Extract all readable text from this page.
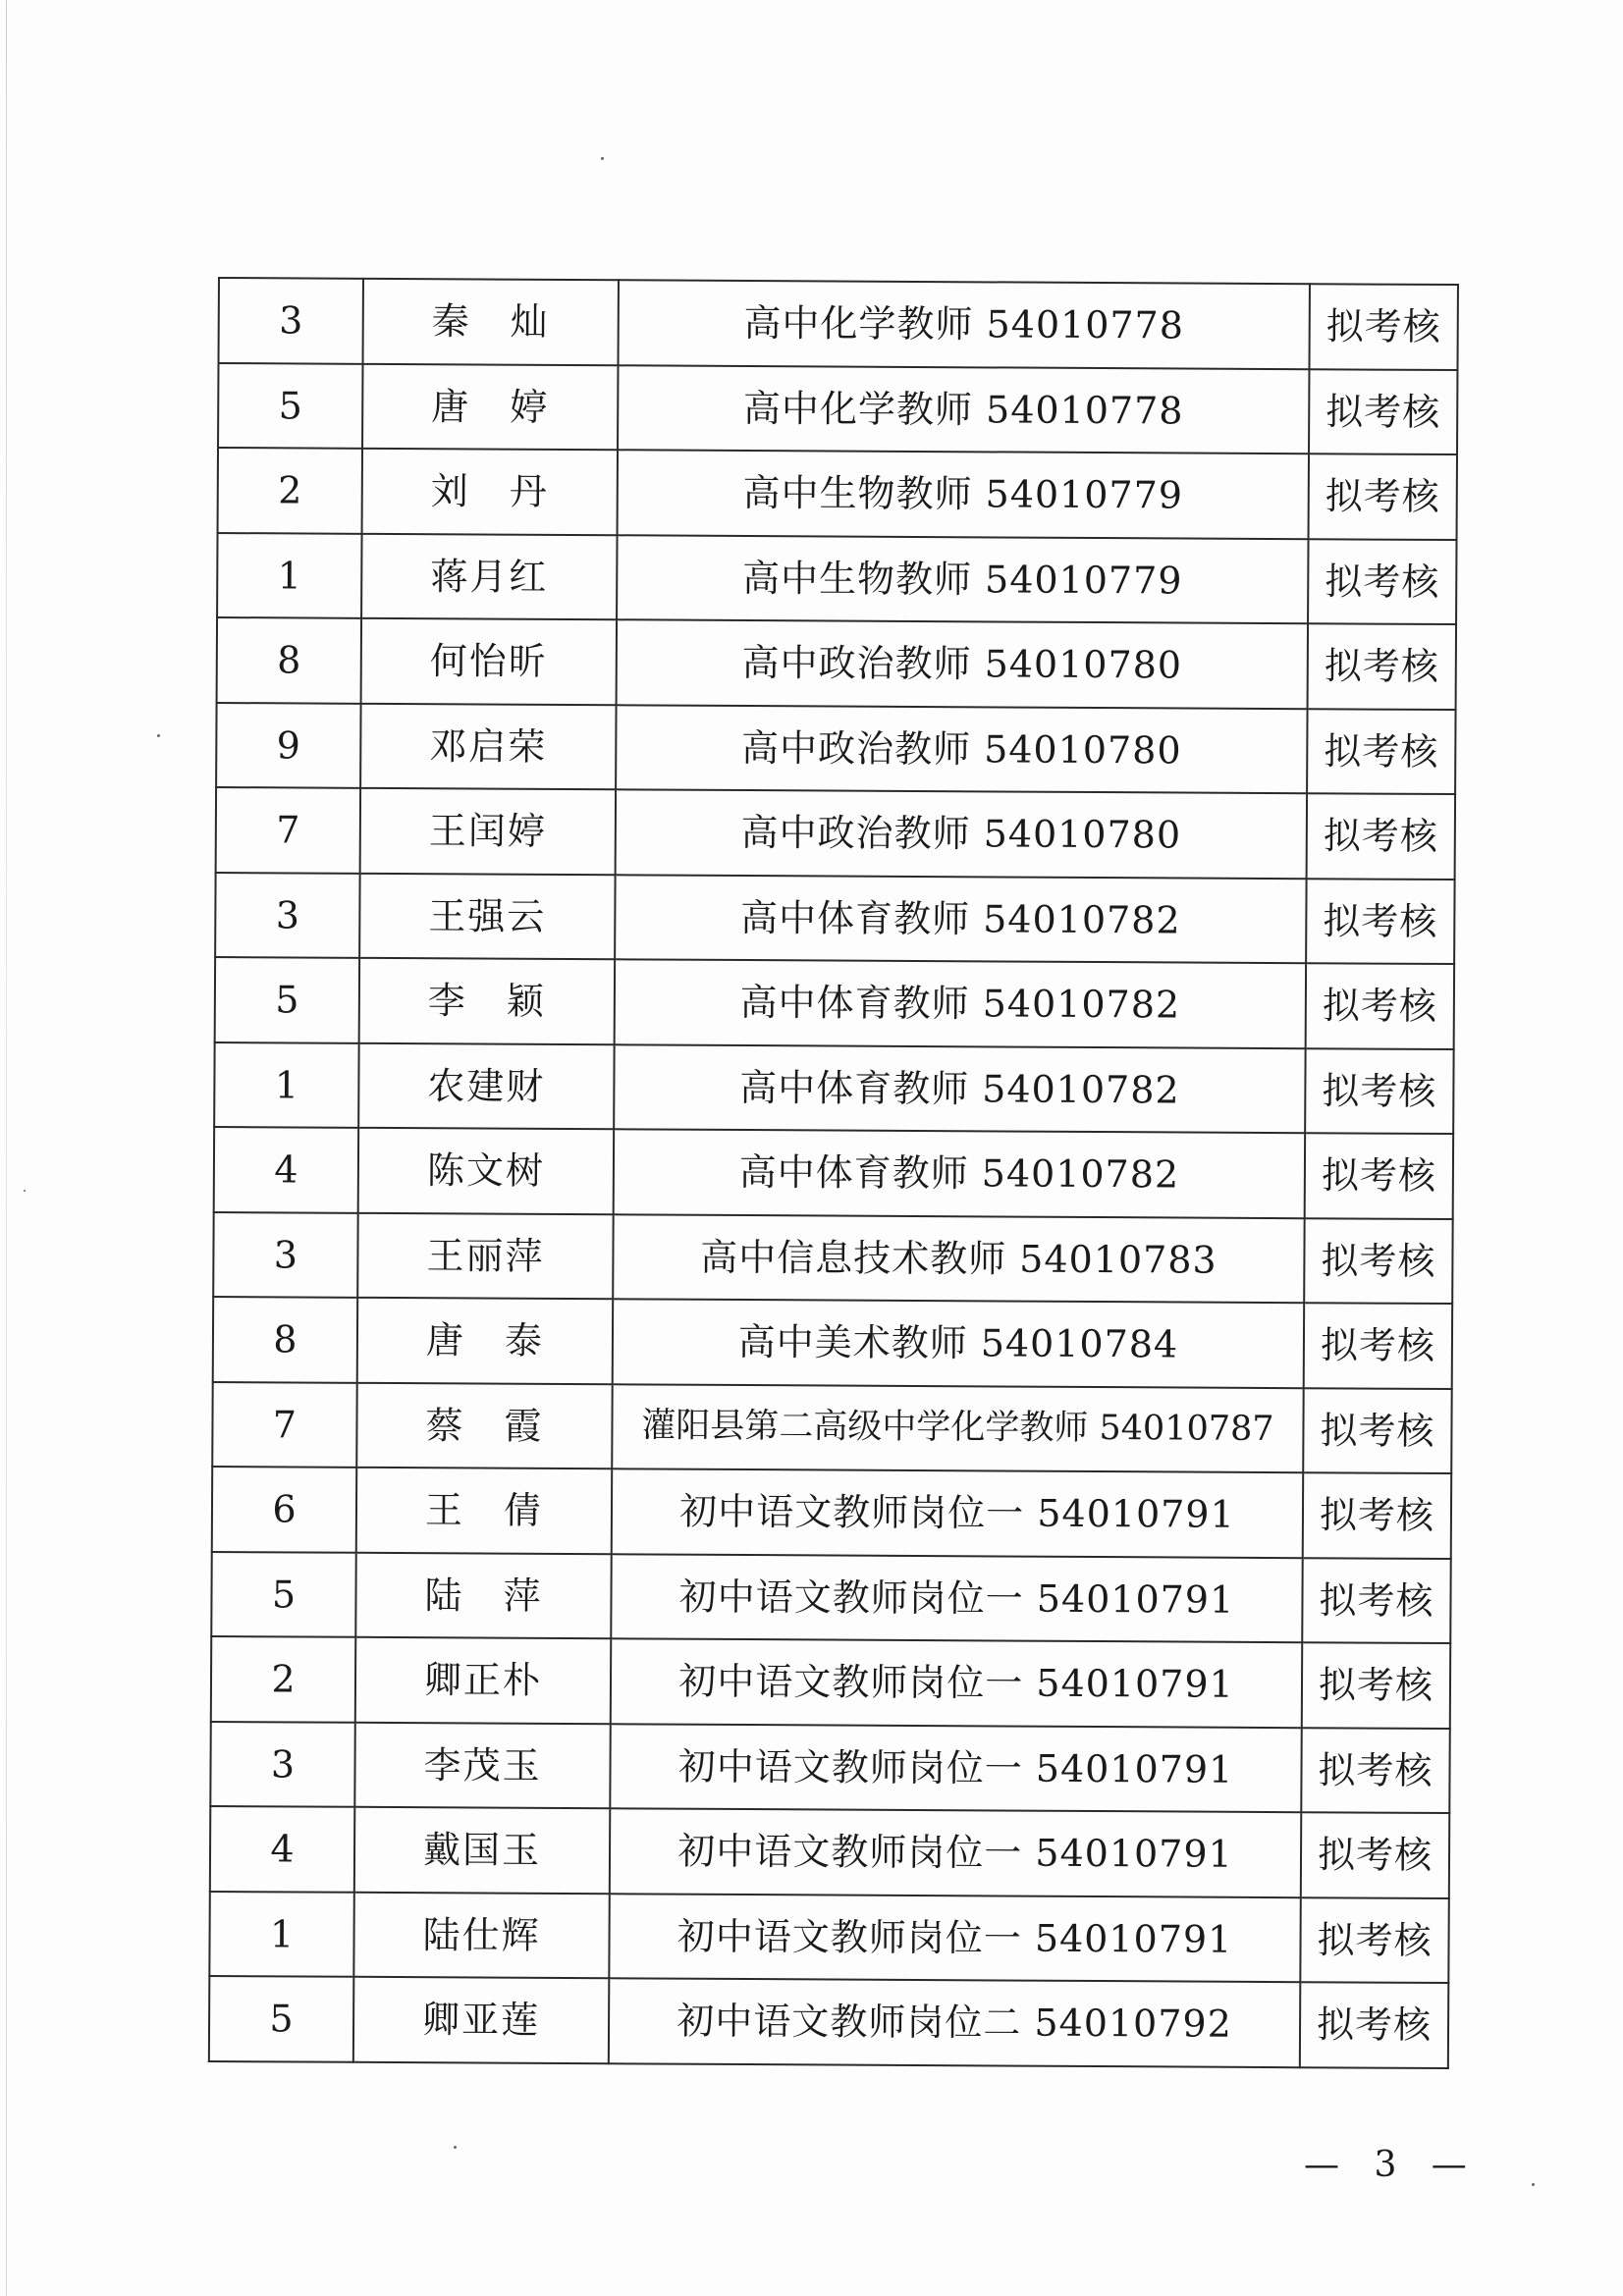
3	秦　灿	高中化学教师 54010778	拟考核
5	唐　婷	高中化学教师 54010778	拟考核
2	刘　丹	高中生物教师 54010779	拟考核
1	蒋月红	高中生物教师 54010779	拟考核
8	何怡昕	高中政治教师 54010780	拟考核
9	邓启荣	高中政治教师 54010780	拟考核
7	王闰婷	高中政治教师 54010780	拟考核
3	王强云	高中体育教师 54010782	拟考核
5	李　颖	高中体育教师 54010782	拟考核
1	农建财	高中体育教师 54010782	拟考核
4	陈文树	高中体育教师 54010782	拟考核
3	王丽萍	高中信息技术教师 54010783	拟考核
8	唐　泰	高中美术教师 54010784	拟考核
7	蔡　霞	灌阳县第二高级中学化学教师 54010787	拟考核
6	王　倩	初中语文教师岗位一 54010791	拟考核
5	陆　萍	初中语文教师岗位一 54010791	拟考核
2	卿正朴	初中语文教师岗位一 54010791	拟考核
3	李茂玉	初中语文教师岗位一 54010791	拟考核
4	戴国玉	初中语文教师岗位一 54010791	拟考核
1	陆仕辉	初中语文教师岗位一 54010791	拟考核
5	卿亚莲	初中语文教师岗位二 54010792	拟考核
— 3 —
